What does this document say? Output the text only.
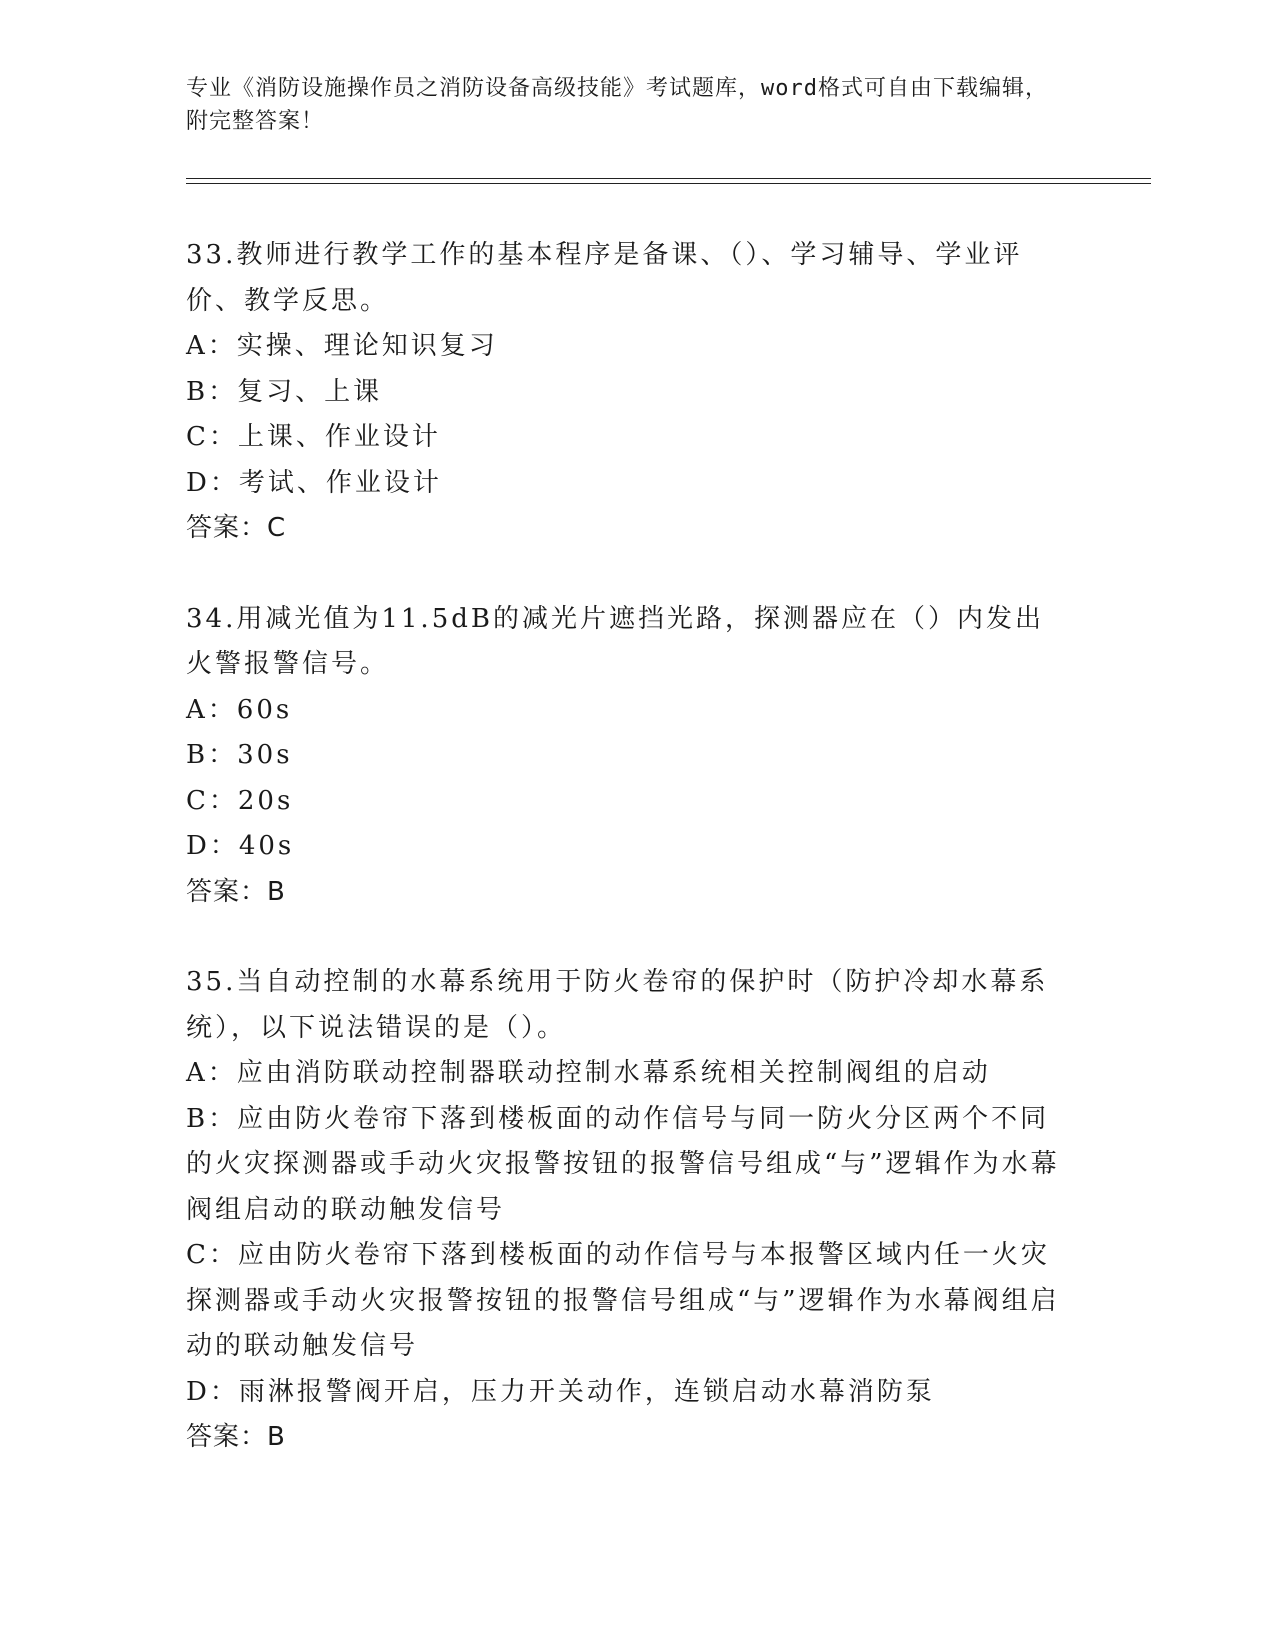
专业《消防设施操作员之消防设备高级技能》考试题库，word格式可自由下载编辑，附完整答案！

33.教师进行教学工作的基本程序是备课、（）、学习辅导、学业评价、教学反思。

A：实操、理论知识复习

B：复习、上课

C：上课、作业设计

D：考试、作业设计

答案：C

34.用减光值为11.5dB的减光片遮挡光路，探测器应在（）内发出火警报警信号。

A：60s

B：30s

C：20s

D：40s

答案：B

35.当自动控制的水幕系统用于防火卷帘的保护时（防护冷却水幕系统），以下说法错误的是（）。

A：应由消防联动控制器联动控制水幕系统相关控制阀组的启动

B：应由防火卷帘下落到楼板面的动作信号与同一防火分区两个不同的火灾探测器或手动火灾报警按钮的报警信号组成“与”逻辑作为水幕阀组启动的联动触发信号

C：应由防火卷帘下落到楼板面的动作信号与本报警区域内任一火灾探测器或手动火灾报警按钮的报警信号组成“与”逻辑作为水幕阀组启动的联动触发信号

D：雨淋报警阀开启，压力开关动作，连锁启动水幕消防泵

答案：B
